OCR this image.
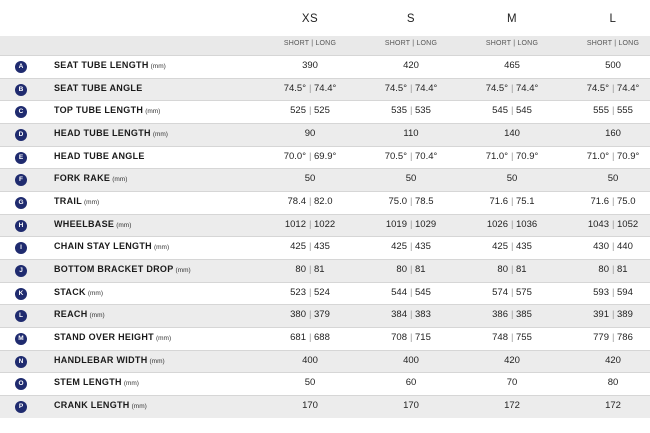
XS	S	M	L
SHORT | LONG	SHORT | LONG	SHORT | LONG	SHORT | LONG
A	SEAT TUBE LENGTH (mm)	390	420	465	500
B	SEAT TUBE ANGLE	74.5° | 74.4°	74.5° | 74.4°	74.5° | 74.4°	74.5° | 74.4°
C	TOP TUBE LENGTH (mm)	525 | 525	535 | 535	545 | 545	555 | 555
D	HEAD TUBE LENGTH (mm)	90	110	140	160
E	HEAD TUBE ANGLE	70.0° | 69.9°	70.5° | 70.4°	71.0° | 70.9°	71.0° | 70.9°
F	FORK RAKE (mm)	50	50	50	50
G	TRAIL (mm)	78.4 | 82.0	75.0 | 78.5	71.6 | 75.1	71.6 | 75.0
H	WHEELBASE (mm)	1012 | 1022	1019 | 1029	1026 | 1036	1043 | 1052
I	CHAIN STAY LENGTH (mm)	425 | 435	425 | 435	425 | 435	430 | 440
J	BOTTOM BRACKET DROP (mm)	80 | 81	80 | 81	80 | 81	80 | 81
K	STACK (mm)	523 | 524	544 | 545	574 | 575	593 | 594
L	REACH (mm)	380 | 379	384 | 383	386 | 385	391 | 389
M	STAND OVER HEIGHT (mm)	681 | 688	708 | 715	748 | 755	779 | 786
N	HANDLEBAR WIDTH (mm)	400	400	420	420
O	STEM LENGTH (mm)	50	60	70	80
P	CRANK LENGTH (mm)	170	170	172	172
